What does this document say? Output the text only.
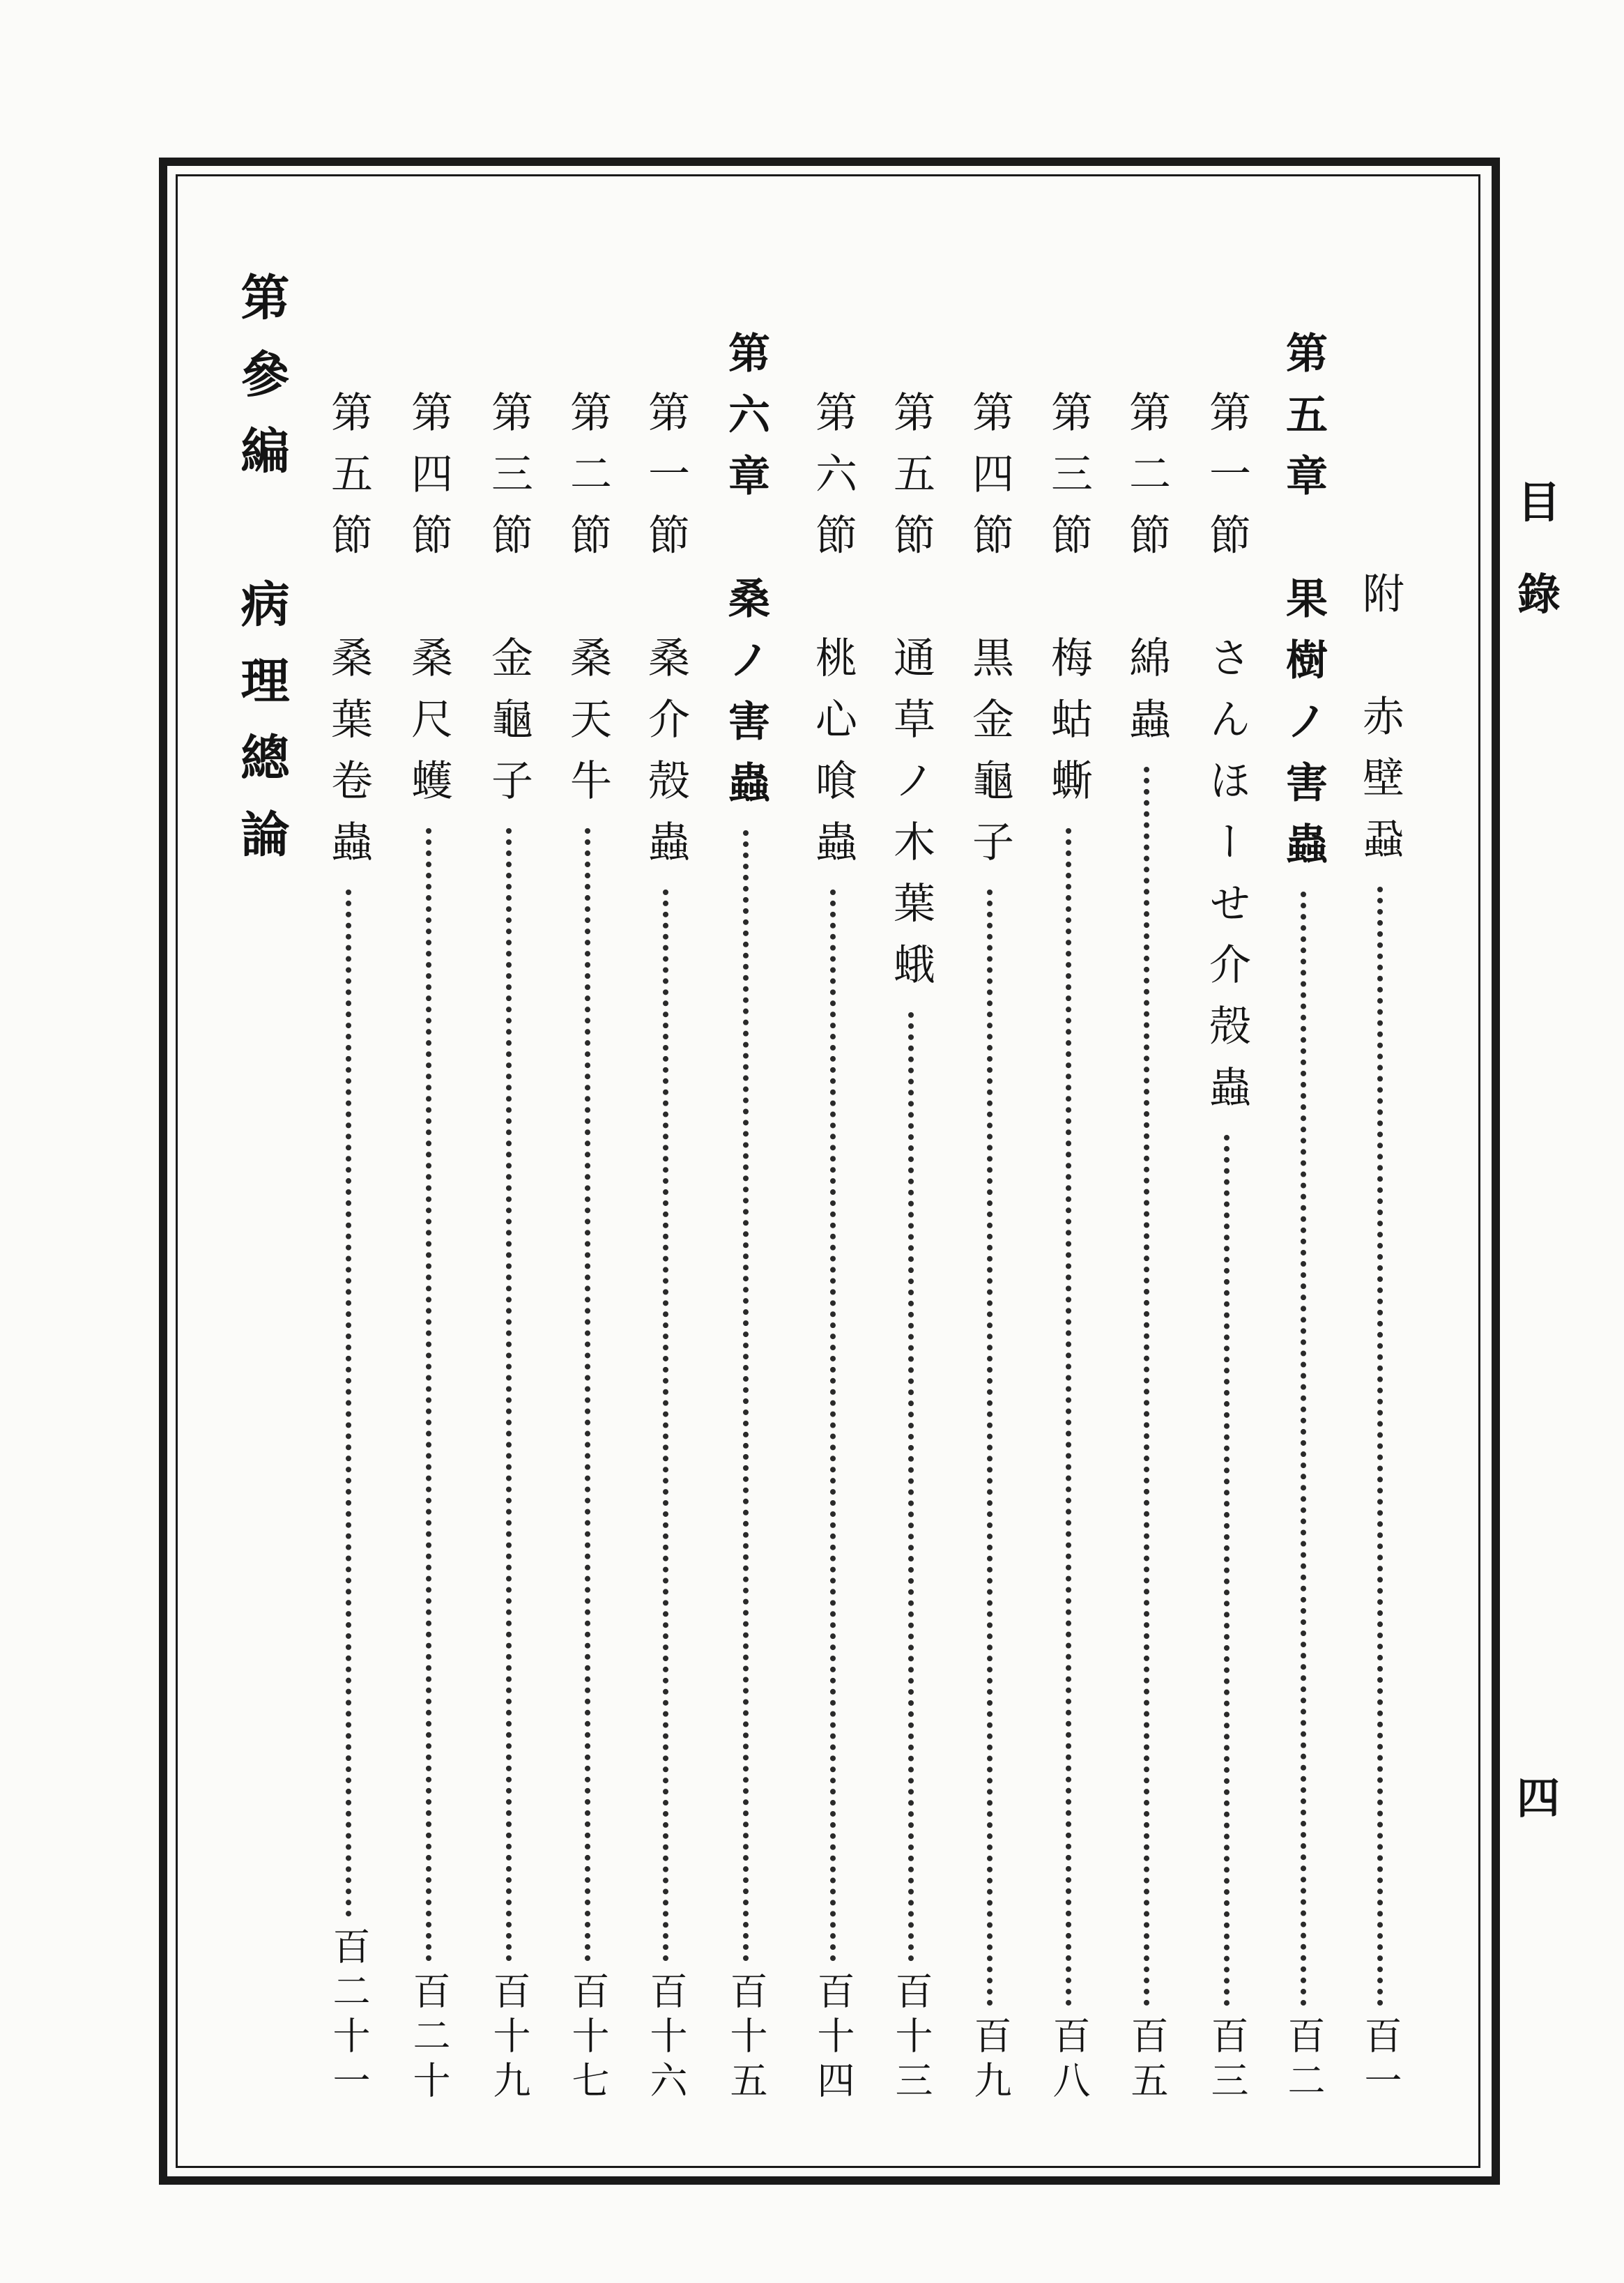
目
錄
四
附　赤壁蝨
百一
第五章　果樹ノ害蟲
百二
第一節　さんほーせ介殻蟲
百三
第二節　綿蟲
百五
第三節　梅蛄蟖
百八
第四節　黒金龜子
百九
第五節　通草ノ木葉蛾
百十三
第六節　桃心喰蟲
百十四
第六章　桑ノ害蟲
百十五
第一節　桑介殻蟲
百十六
第二節　桑天牛
百十七
第三節　金龜子
百十九
第四節　桑尺蠖
百二十
第五節　桑葉卷蟲
百二十一
第參編　病理總論
